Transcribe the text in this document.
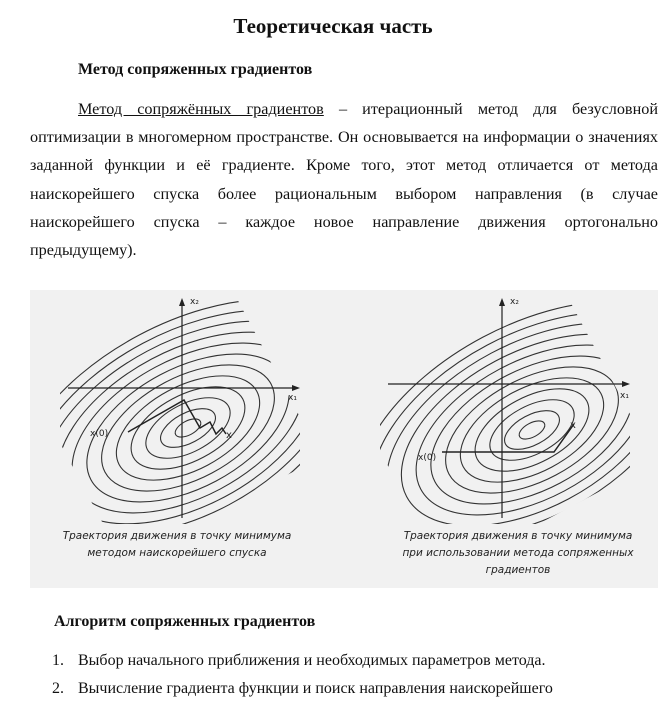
Теоретическая часть
Метод сопряженных градиентов

Метод сопряжённых градиентов – итерационный метод для безусловной оптимизации в многомерном пространстве. Он основывается на информации о значениях заданной функции и её градиенте. Кроме того, этот метод отличается от метода наискорейшего спуска более рациональным выбором направления (в случае наискорейшего спуска – каждое новое направление движения ортогонально предыдущему).

x₂
x₁
x(0)	x
x₂
x₁
x(0)
x
Траектория движения в точку минимума
методом наискорейшего спуска
Траектория движения в точку минимума
при использовании метода сопряженных
градиентов
Алгоритм сопряженных градиентов
1. Выбор начального приближения и необходимых параметров метода.
2. Вычисление градиента функции и поиск направления наискорейшего
